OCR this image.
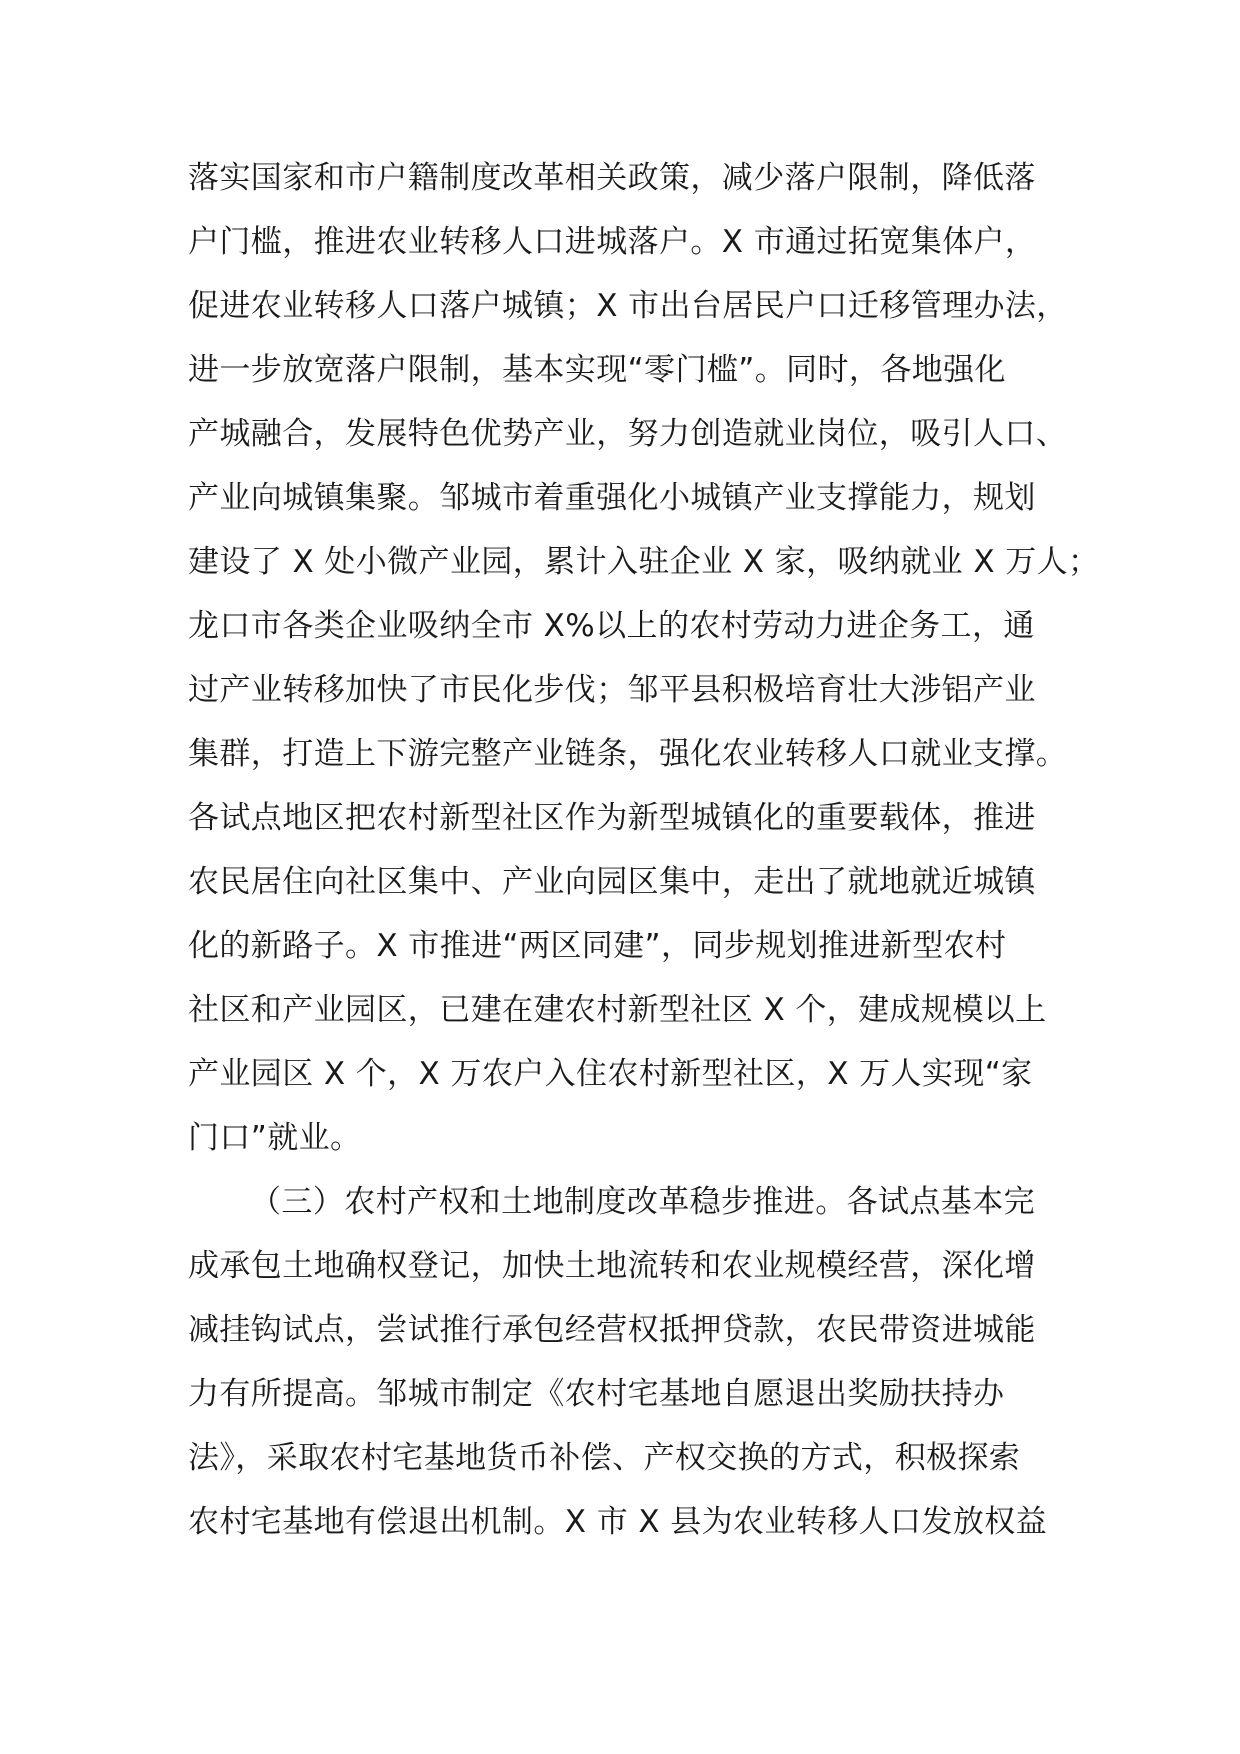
落实国家和市户籍制度改革相关政策，减少落户限制，降低落
户门槛，推进农业转移人口进城落户。X 市通过拓宽集体户，
促进农业转移人口落户城镇；X 市出台居民户口迁移管理办法，
进一步放宽落户限制，基本实现“零门槛”。同时，各地强化
产城融合，发展特色优势产业，努力创造就业岗位，吸引人口、
产业向城镇集聚。邹城市着重强化小城镇产业支撑能力，规划
建设了 X 处小微产业园，累计入驻企业 X 家，吸纳就业 X 万人；
龙口市各类企业吸纳全市 X%以上的农村劳动力进企务工，通
过产业转移加快了市民化步伐；邹平县积极培育壮大涉铝产业
集群，打造上下游完整产业链条，强化农业转移人口就业支撑。
各试点地区把农村新型社区作为新型城镇化的重要载体，推进
农民居住向社区集中、产业向园区集中，走出了就地就近城镇
化的新路子。X 市推进“两区同建”，同步规划推进新型农村
社区和产业园区，已建在建农村新型社区 X 个，建成规模以上
产业园区 X 个，X 万农户入住农村新型社区，X 万人实现“家
门口”就业。
（三）农村产权和土地制度改革稳步推进。各试点基本完
成承包土地确权登记，加快土地流转和农业规模经营，深化增
减挂钩试点，尝试推行承包经营权抵押贷款，农民带资进城能
力有所提高。邹城市制定《农村宅基地自愿退出奖励扶持办
法》，采取农村宅基地货币补偿、产权交换的方式，积极探索
农村宅基地有偿退出机制。X 市 X 县为农业转移人口发放权益
